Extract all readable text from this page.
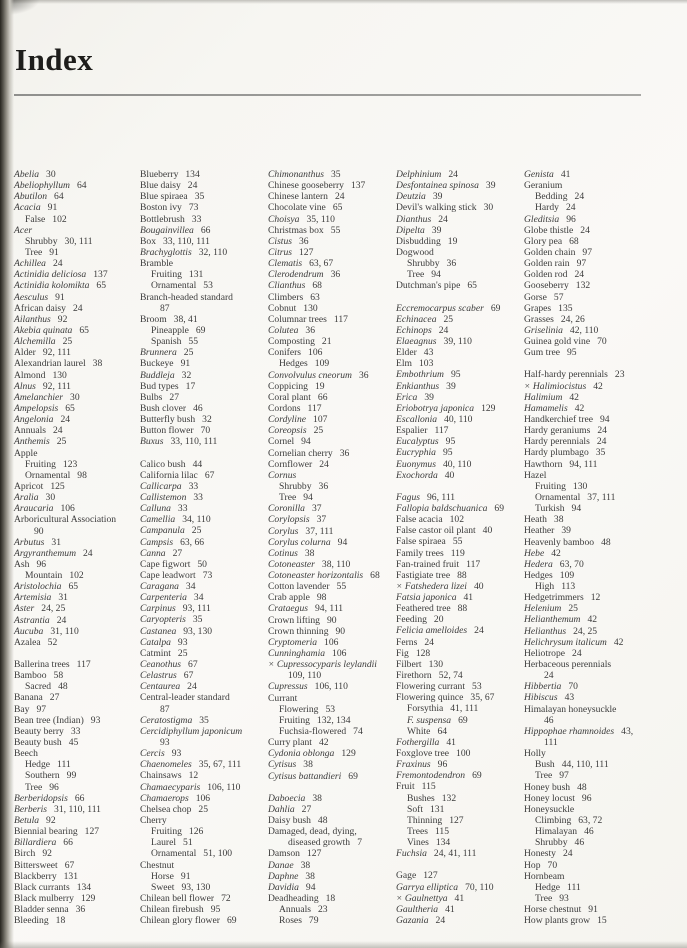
Index
Abelia 30
Abeliophyllum 64
Abutilon 64
Acacia 91
False 102
Acer
Shrubby 30, 111
Tree 91
Achillea 24
Actinidia deliciosa 137
Actinidia kolomikta 65
Aesculus 91
African daisy 24
Ailanthus 92
Akebia quinata 65
Alchemilla 25
Alder 92, 111
Alexandrian laurel 38
Almond 130
Alnus 92, 111
Amelanchier 30
Ampelopsis 65
Angelonia 24
Annuals 24
Anthemis 25
Apple
Fruiting 123
Ornamental 98
Apricot 125
Aralia 30
Araucaria 106
Arboricultural Association
90
Arbutus 31
Argyranthemum 24
Ash 96
Mountain 102
Aristolochia 65
Artemisia 31
Aster 24, 25
Astrantia 24
Aucuba 31, 110
Azalea 52
Ballerina trees 117
Bamboo 58
Sacred 48
Banana 27
Bay 97
Bean tree (Indian) 93
Beauty berry 33
Beauty bush 45
Beech
Hedge 111
Southern 99
Tree 96
Berberidopsis 66
Berberis 31, 110, 111
Betula 92
Biennial bearing 127
Billardiera 66
Birch 92
Bittersweet 67
Blackberry 131
Black currants 134
Black mulberry 129
Bladder senna 36
Bleeding 18
Blueberry 134
Blue daisy 24
Blue spiraea 35
Boston ivy 73
Bottlebrush 33
Bougainvillea 66
Box 33, 110, 111
Brachyglottis 32, 110
Bramble
Fruiting 131
Ornamental 53
Branch-headed standard
87
Broom 38, 41
Pineapple 69
Spanish 55
Brunnera 25
Buckeye 91
Buddleja 32
Bud types 17
Bulbs 27
Bush clover 46
Butterfly bush 32
Button flower 70
Buxus 33, 110, 111
Calico bush 44
California lilac 67
Callicarpa 33
Callistemon 33
Calluna 33
Camellia 34, 110
Campanula 25
Campsis 63, 66
Canna 27
Cape figwort 50
Cape leadwort 73
Caragana 34
Carpenteria 34
Carpinus 93, 111
Caryopteris 35
Castanea 93, 130
Catalpa 93
Catmint 25
Ceanothus 67
Celastrus 67
Centaurea 24
Central-leader standard
87
Ceratostigma 35
Cercidiphyllum japonicum
93
Cercis 93
Chaenomeles 35, 67, 111
Chainsaws 12
Chamaecyparis 106, 110
Chamaerops 106
Chelsea chop 25
Cherry
Fruiting 126
Laurel 51
Ornamental 51, 100
Chestnut
Horse 91
Sweet 93, 130
Chilean bell flower 72
Chilean firebush 95
Chilean glory flower 69
Chimonanthus 35
Chinese gooseberry 137
Chinese lantern 24
Chocolate vine 65
Choisya 35, 110
Christmas box 55
Cistus 36
Citrus 127
Clematis 63, 67
Clerodendrum 36
Clianthus 68
Climbers 63
Cobnut 130
Columnar trees 117
Colutea 36
Composting 21
Conifers 106
Hedges 109
Convolvulus cneorum 36
Coppicing 19
Coral plant 66
Cordons 117
Cordyline 107
Coreopsis 25
Cornel 94
Cornelian cherry 36
Cornflower 24
Cornus
Shrubby 36
Tree 94
Coronilla 37
Corylopsis 37
Corylus 37, 111
Corylus colurna 94
Cotinus 38
Cotoneaster 38, 110
Cotoneaster horizontalis 68
Cotton lavender 55
Crab apple 98
Crataegus 94, 111
Crown lifting 90
Crown thinning 90
Cryptomeria 106
Cunninghamia 106
× Cupressocyparis leylandii
109, 110
Cupressus 106, 110
Currant
Flowering 53
Fruiting 132, 134
Fuchsia-flowered 74
Curry plant 42
Cydonia oblonga 129
Cytisus 38
Cytisus battandieri 69
Daboecia 38
Dahlia 27
Daisy bush 48
Damaged, dead, dying,
diseased growth   7
Damson 127
Danae 38
Daphne 38
Davidia 94
Deadheading 18
Annuals 23
Roses 79
Delphinium 24
Desfontainea spinosa 39
Deutzia 39
Devil's walking stick 30
Dianthus 24
Dipelta 39
Disbudding 19
Dogwood
Shrubby 36
Tree 94
Dutchman's pipe 65
Eccremocarpus scaber 69
Echinacea 25
Echinops 24
Elaeagnus 39, 110
Elder 43
Elm 103
Embothrium 95
Enkianthus 39
Erica 39
Eriobotrya japonica 129
Escallonia 40, 110
Espalier 117
Eucalyptus 95
Eucryphia 95
Euonymus 40, 110
Exochorda 40
Fagus 96, 111
Fallopia baldschuanica 69
False acacia 102
False castor oil plant 40
False spiraea 55
Family trees 119
Fan-trained fruit 117
Fastigiate tree 88
× Fatshedera lizei 40
Fatsia japonica 41
Feathered tree 88
Feeding 20
Felicia amelloides 24
Ferns 24
Fig 128
Filbert 130
Firethorn 52, 74
Flowering currant 53
Flowering quince 35, 67
Forsythia 41, 111
F. suspensa 69
White 64
Fothergilla 41
Foxglove tree 100
Fraxinus 96
Fremontodendron 69
Fruit 115
Bushes 132
Soft 131
Thinning 127
Trees 115
Vines 134
Fuchsia 24, 41, 111
Gage 127
Garrya elliptica 70, 110
× Gaulnettya 41
Gaultheria 41
Gazania 24
Genista 41
Geranium
Bedding 24
Hardy 24
Gleditsia 96
Globe thistle 24
Glory pea 68
Golden chain 97
Golden rain 97
Golden rod 24
Gooseberry 132
Gorse 57
Grapes 135
Grasses 24, 26
Griselinia 42, 110
Guinea gold vine 70
Gum tree 95
Half-hardy perennials 23
× Halimiocistus 42
Halimium 42
Hamamelis 42
Handkerchief tree 94
Hardy geraniums 24
Hardy perennials 24
Hardy plumbago 35
Hawthorn 94, 111
Hazel
Fruiting 130
Ornamental 37, 111
Turkish 94
Heath 38
Heather 39
Heavenly bamboo 48
Hebe 42
Hedera 63, 70
Hedges 109
High 113
Hedgetrimmers 12
Helenium 25
Helianthemum 42
Helianthus 24, 25
Helichrysum italicum 42
Heliotrope 24
Herbaceous perennials
24
Hibbertia 70
Hibiscus 43
Himalayan honeysuckle
46
Hippophae rhamnoides 43,
111
Holly
Bush 44, 110, 111
Tree 97
Honey bush 48
Honey locust 96
Honeysuckle
Climbing 63, 72
Himalayan 46
Shrubby 46
Honesty 24
Hop 70
Hornbeam
Hedge 111
Tree 93
Horse chestnut 91
How plants grow 15
